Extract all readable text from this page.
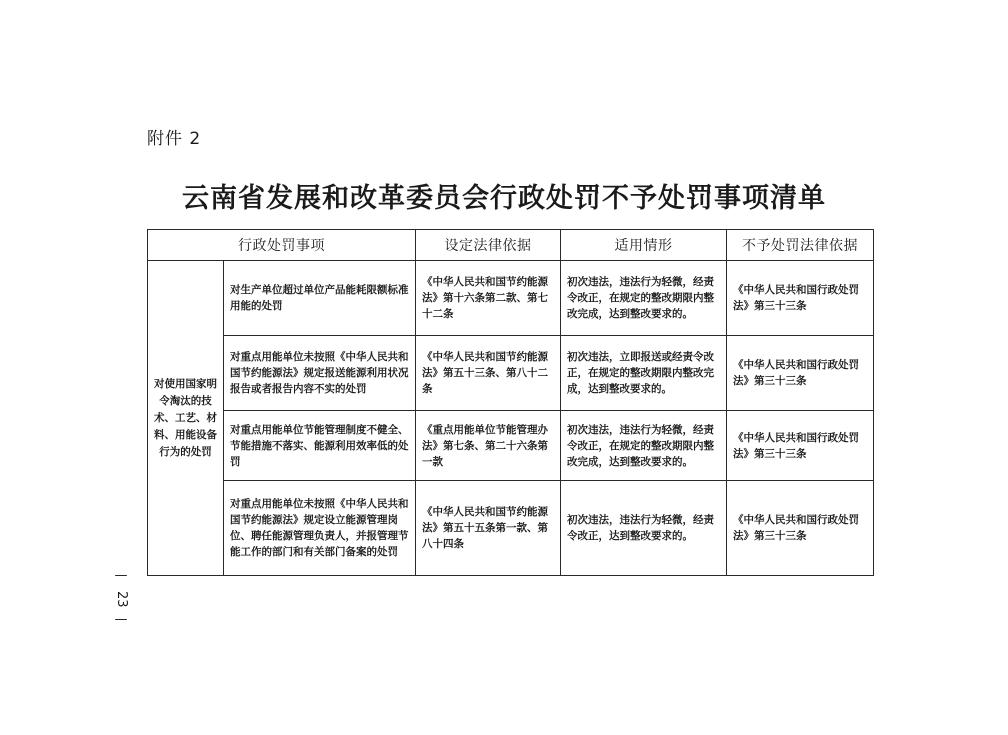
附件 2
云南省发展和改革委员会行政处罚不予处罚事项清单
行政处罚事项		设定法律依据	适用情形	不予处罚法律依据
对使用国家明令淘汰的技术、工艺、材料、用能设备行为的处罚	对生产单位超过单位产品能耗限额标准用能的处罚	《中华人民共和国节约能源法》第十六条第二款、第七十二条	初次违法，违法行为轻微，经责令改正，在规定的整改期限内整改完成，达到整改要求的。	《中华人民共和国行政处罚法》第三十三条
	对重点用能单位未按照《中华人民共和国节约能源法》规定报送能源利用状况报告或者报告内容不实的处罚	《中华人民共和国节约能源法》第五十三条、第八十二条	初次违法，立即报送或经责令改正，在规定的整改期限内整改完成，达到整改要求的。	《中华人民共和国行政处罚法》第三十三条
	对重点用能单位节能管理制度不健全、节能措施不落实、能源利用效率低的处罚	《重点用能单位节能管理办法》第七条、第二十六条第一款	初次违法，违法行为轻微，经责令改正，在规定的整改期限内整改完成，达到整改要求的。	《中华人民共和国行政处罚法》第三十三条
	对重点用能单位未按照《中华人民共和国节约能源法》规定设立能源管理岗位、聘任能源管理负责人，并报管理节能工作的部门和有关部门备案的处罚	《中华人民共和国节约能源法》第五十五条第一款、第八十四条	初次违法，违法行为轻微，经责令改正，达到整改要求的。	《中华人民共和国行政处罚法》第三十三条
—
23
—
